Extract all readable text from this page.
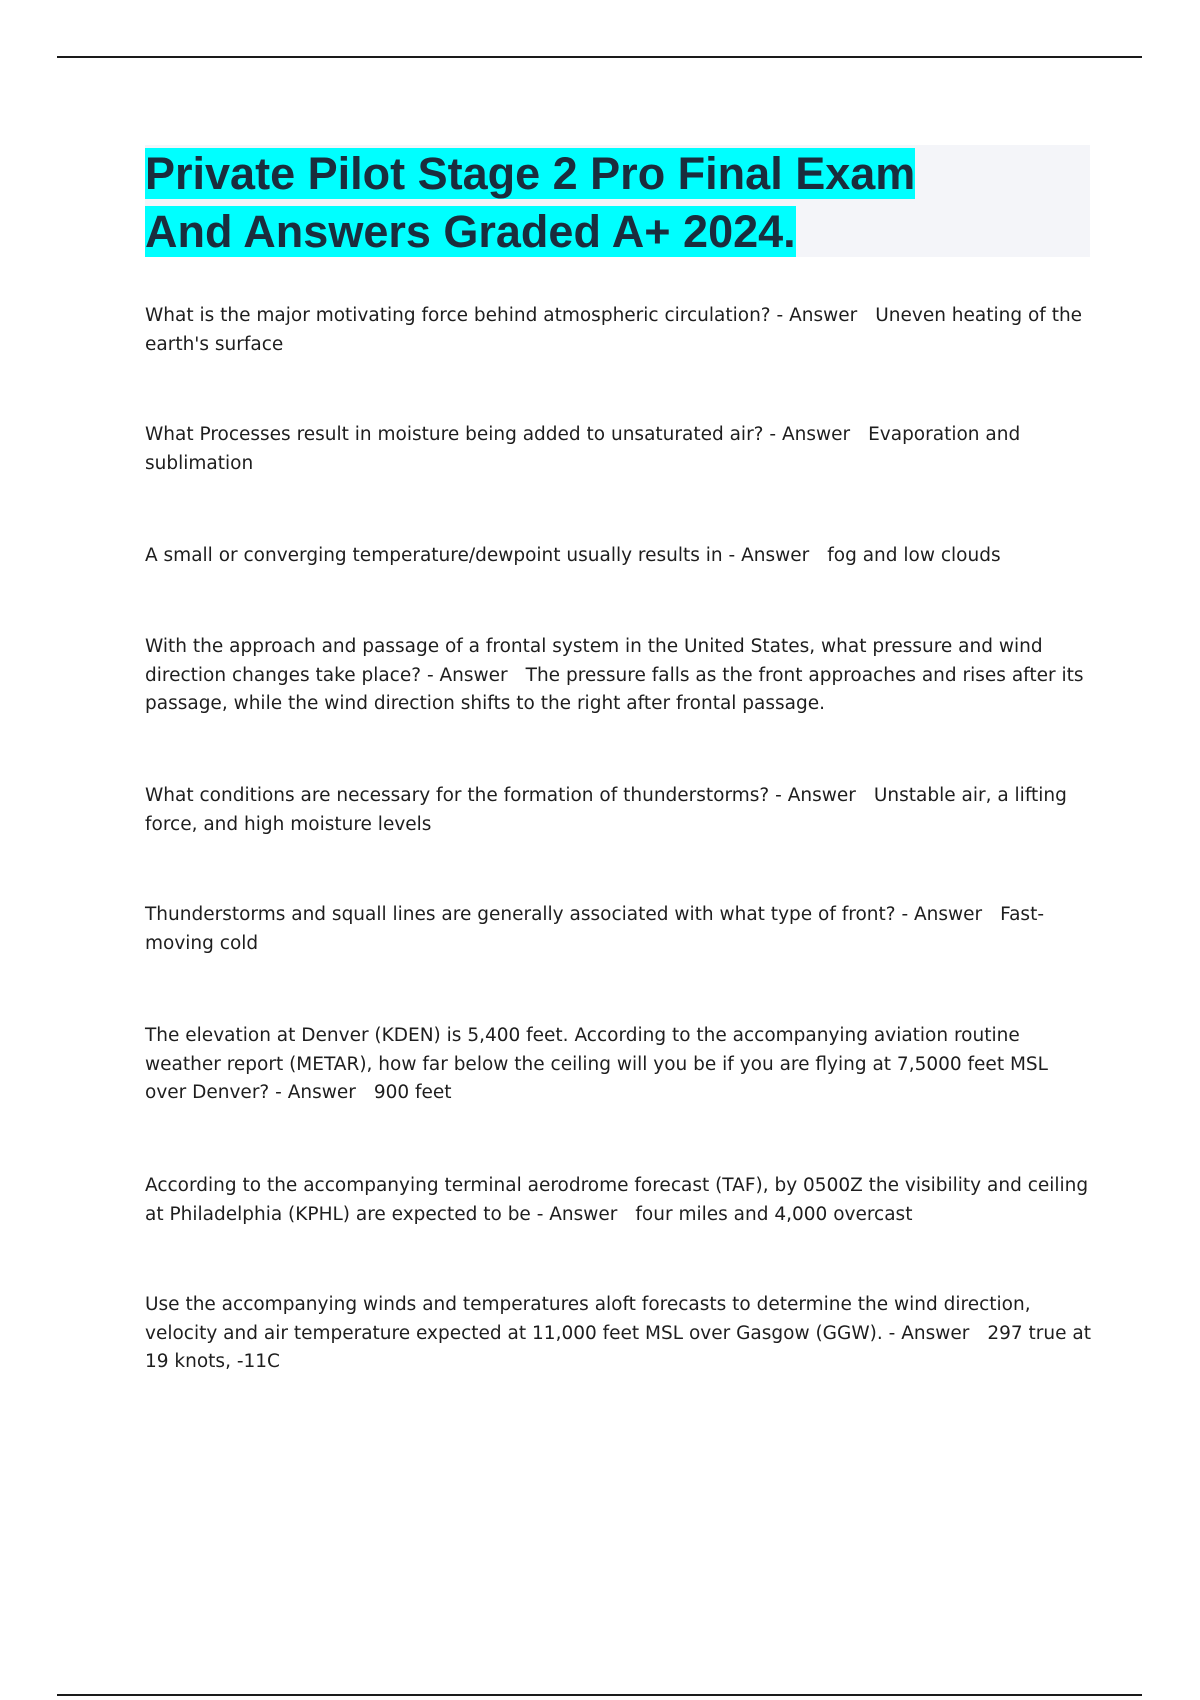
Private Pilot Stage 2 Pro Final Exam
And Answers Graded A+ 2024.

What is the major motivating force behind atmospheric circulation? - Answer Uneven heating of the earth's surface

What Processes result in moisture being added to unsaturated air? - Answer Evaporation and sublimation

A small or converging temperature/dewpoint usually results in - Answer fog and low clouds

With the approach and passage of a frontal system in the United States, what pressure and wind direction changes take place? - Answer The pressure falls as the front approaches and rises after its passage, while the wind direction shifts to the right after frontal passage.

What conditions are necessary for the formation of thunderstorms? - Answer Unstable air, a lifting force, and high moisture levels

Thunderstorms and squall lines are generally associated with what type of front? - Answer Fast-moving cold

The elevation at Denver (KDEN) is 5,400 feet. According to the accompanying aviation routine weather report (METAR), how far below the ceiling will you be if you are flying at 7,5000 feet MSL over Denver? - Answer 900 feet

According to the accompanying terminal aerodrome forecast (TAF), by 0500Z the visibility and ceiling at Philadelphia (KPHL) are expected to be - Answer four miles and 4,000 overcast

Use the accompanying winds and temperatures aloft forecasts to determine the wind direction, velocity and air temperature expected at 11,000 feet MSL over Gasgow (GGW). - Answer 297 true at 19 knots, -11C
